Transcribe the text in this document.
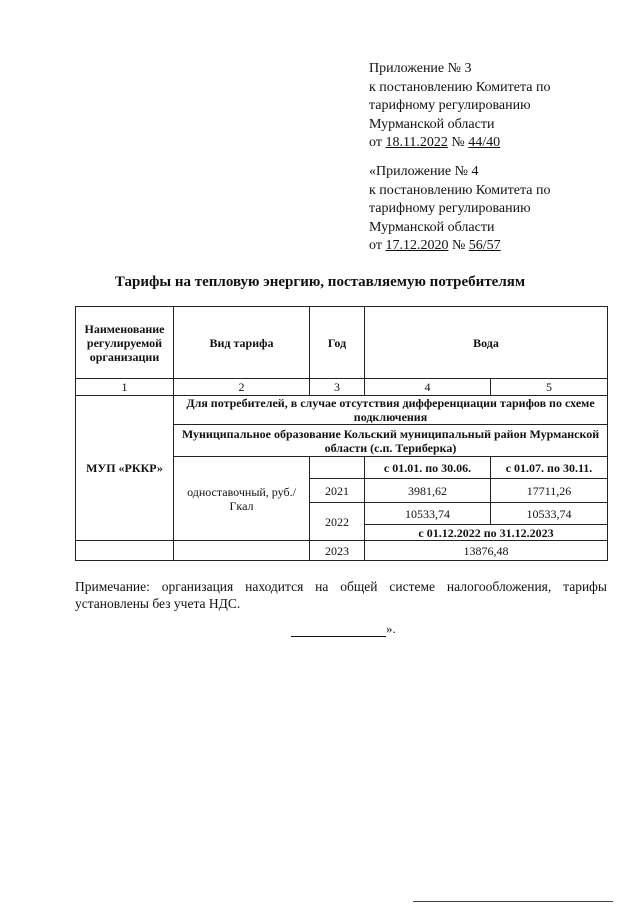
Приложение № 3
к постановлению Комитета по
тарифному регулированию
Мурманской области
от 18.11.2022 № 44/40
«Приложение № 4
к постановлению Комитета по
тарифному регулированию
Мурманской области
от 17.12.2020 № 56/57
Тарифы на тепловую энергию, поставляемую потребителям
Наименование регулируемой организации	Вид тарифа	Год	Вода	
1	2	3	4	5
МУП «РККР»	Для потребителей, в случае отсутствия дифференциации тарифов по схеме подключения			
	Муниципальное образование Кольский муниципальный район Мурманской области (с.п. Териберка)			
	одноставочный, руб./Гкал		с 01.01. по 30.06.	с 01.07. по 30.11.
		2021	3981,62	17711,26
		2022	10533,74	10533,74
			с 01.12.2022 по 31.12.2023	
		2023	13876,48	
Примечание: организация находится на общей системе налогообложения, тарифы
установлены без учета НДС.
».
